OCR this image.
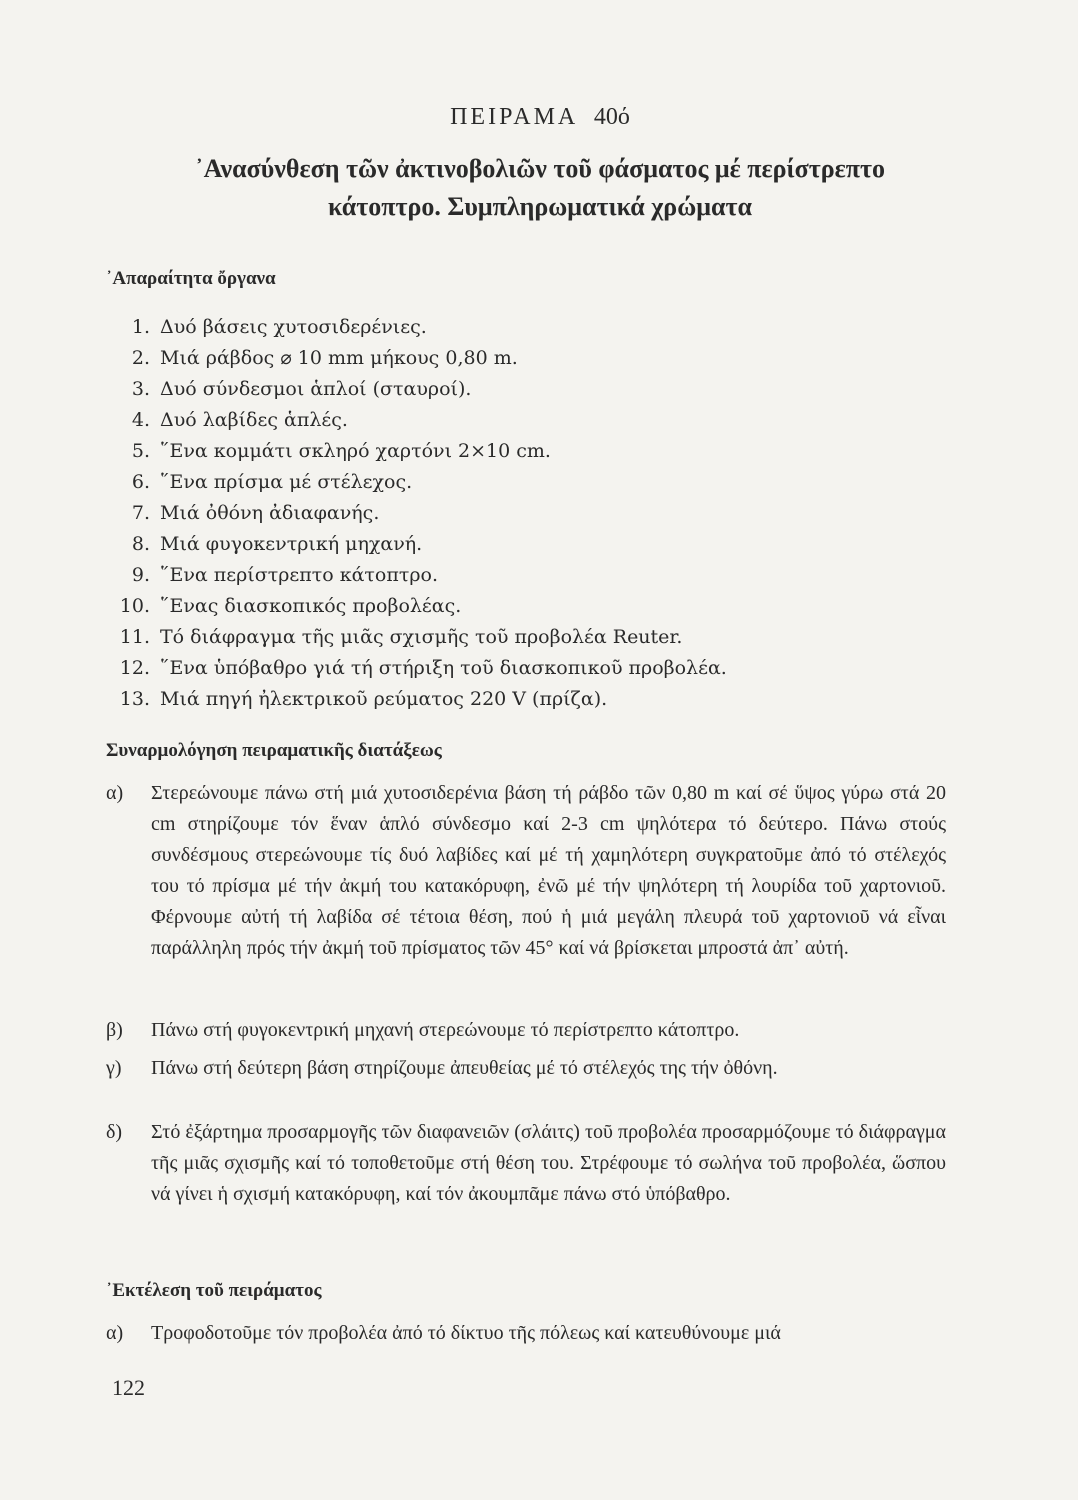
ΠΕΙΡΑΜΑ 40ό
᾿Ανασύνθεση τῶν ἀκτινοβολιῶν τοῦ φάσματος μέ περίστρεπτο
κάτοπτρο. Συμπληρωματικά χρώματα
᾿Απαραίτητα ὄργανα
1. Δυό βάσεις χυτοσιδερένιες.
2. Μιά ράβδος ⌀ 10 mm μήκους 0,80 m.
3. Δυό σύνδεσμοι ἁπλοί (σταυροί).
4. Δυό λαβίδες ἁπλές.
5. ῞Ενα κομμάτι σκληρό χαρτόνι 2×10 cm.
6. ῞Ενα πρίσμα μέ στέλεχος.
7. Μιά ὀθόνη ἀδιαφανής.
8. Μιά φυγοκεντρική μηχανή.
9. ῞Ενα περίστρεπτο κάτοπτρο.
10. ῞Ενας διασκοπικός προβολέας.
11. Τό διάφραγμα τῆς μιᾶς σχισμῆς τοῦ προβολέα Reuter.
12. ῞Ενα ὑπόβαθρο γιά τή στήριξη τοῦ διασκοπικοῦ προβολέα.
13. Μιά πηγή ἠλεκτρικοῦ ρεύματος 220 V (πρίζα).
Συναρμολόγηση πειραματικῆς διατάξεως
α) Στερεώνουμε πάνω στή μιά χυτοσιδερένια βάση τή ράβδο τῶν 0,80 m καί σέ ὕψος γύρω στά 20 cm στηρίζουμε τόν ἕναν ἁπλό σύνδεσμο καί 2-3 cm ψηλότερα τό δεύτερο. Πάνω στούς συνδέσμους στερεώνουμε τίς δυό λαβίδες καί μέ τή χαμηλότερη συγκρατοῦμε ἀπό τό στέλεχός του τό πρίσμα μέ τήν ἀκμή του κατακόρυφη, ἐνῶ μέ τήν ψηλότερη τή λουρίδα τοῦ χαρτονιοῦ. Φέρνουμε αὐτή τή λαβίδα σέ τέτοια θέση, πού ἡ μιά μεγάλη πλευρά τοῦ χαρτονιοῦ νά εἶναι παράλληλη πρός τήν ἀκμή τοῦ πρίσματος τῶν 45° καί νά βρίσκεται μπροστά ἀπ᾿ αὐτή.
β) Πάνω στή φυγοκεντρική μηχανή στερεώνουμε τό περίστρεπτο κάτοπτρο.
γ) Πάνω στή δεύτερη βάση στηρίζουμε ἀπευθείας μέ τό στέλεχός της τήν ὀθόνη.
δ) Στό ἐξάρτημα προσαρμογῆς τῶν διαφανειῶν (σλάιτς) τοῦ προβολέα προσαρμόζουμε τό διάφραγμα τῆς μιᾶς σχισμῆς καί τό τοποθετοῦμε στή θέση του. Στρέφουμε τό σωλήνα τοῦ προβολέα, ὥσπου νά γίνει ἡ σχισμή κατακόρυφη, καί τόν ἀκουμπᾶμε πάνω στό ὑπόβαθρο.
᾿Εκτέλεση τοῦ πειράματος
α) Τροφοδοτοῦμε τόν προβολέα ἀπό τό δίκτυο τῆς πόλεως καί κατευθύνουμε μιά
122
